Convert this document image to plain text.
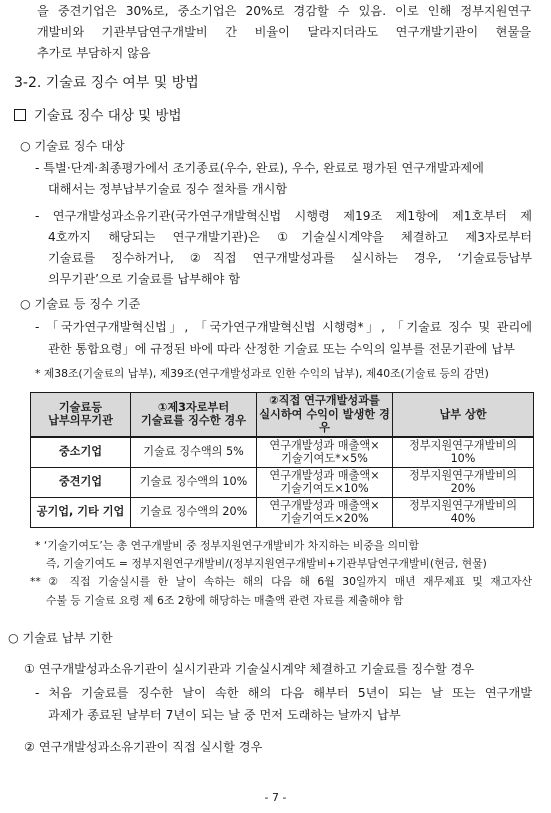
을 중견기업은 30%로, 중소기업은 20%로 경감할 수 있음. 이로 인해 정부지원연구
개발비와 기관부담연구개발비 간 비율이 달라지더라도 연구개발기관이 현물을
추가로 부담하지 않음
3-2. 기술료 징수 여부 및 방법
기술료 징수 대상 및 방법
○ 기술료 징수 대상
- 특별·단계·최종평가에서 조기종료(우수, 완료), 우수, 완료로 평가된 연구개발과제에
대해서는 정부납부기술료 징수 절차를 개시함
- 연구개발성과소유기관(국가연구개발혁신법 시행령 제19조 제1항에 제1호부터 제
4호까지 해당되는 연구개발기관)은 ①기술실시계약을 체결하고 제3자로부터
기술료를 징수하거나, ②직접 연구개발성과를 실시하는 경우, ‘기술료등납부
의무기관’으로 기술료를 납부해야 함
○ 기술료 등 징수 기준
- 「국가연구개발혁신법」, 「국가연구개발혁신법 시행령*」, 「기술료 징수 및 관리에
관한 통합요령」에 규정된 바에 따라 산정한 기술료 또는 수익의 일부를 전문기관에 납부
* 제38조(기술료의 납부), 제39조(연구개발성과로 인한 수익의 납부), 제40조(기술료 등의 감면)
기술료등
납부의무기관	①제3자로부터
기술료를 징수한 경우	②직접 연구개발성과를
실시하여 수익이 발생한 경우	납부 상한
중소기업	기술료 징수액의 5%	연구개발성과 매출액×
기술기여도*×5%	정부지원연구개발비의
10%
중견기업	기술료 징수액의 10%	연구개발성과 매출액×
기술기여도×10%	정부지원연구개발비의
20%
공기업, 기타 기업	기술료 징수액의 20%	연구개발성과 매출액×
기술기여도×20%	정부지원연구개발비의
40%
* ‘기술기여도’는 총 연구개발비 중 정부지원연구개발비가 차지하는 비중을 의미함
즉, 기술기여도 = 정부지원연구개발비/(정부지원연구개발비+기관부담연구개발비(현금, 현물)
** ② 직접 기술실시를 한 날이 속하는 해의 다음 해 6월 30일까지 매년 재무제표 및 재고자산
수불 등 기술료 요령 제 6조 2항에 해당하는 매출액 관련 자료를 제출해야 함
○ 기술료 납부 기한
① 연구개발성과소유기관이 실시기관과 기술실시계약 체결하고 기술료를 징수할 경우
- 처음 기술료를 징수한 날이 속한 해의 다음 해부터 5년이 되는 날 또는 연구개발
과제가 종료된 날부터 7년이 되는 날 중 먼저 도래하는 날까지 납부
② 연구개발성과소유기관이 직접 실시할 경우
- 7 -
